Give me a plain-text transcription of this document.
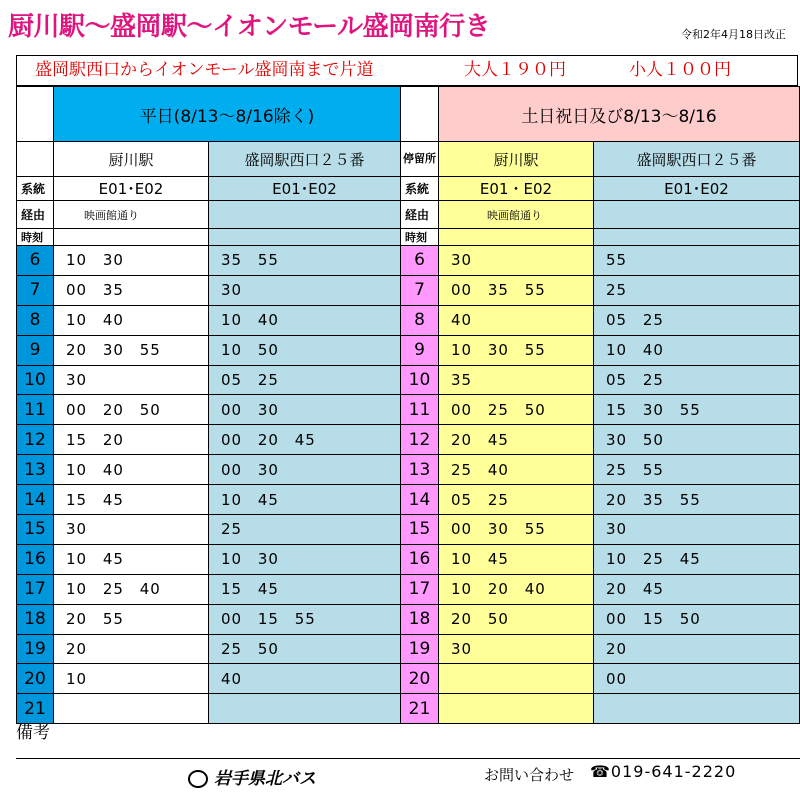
厨川駅～盛岡駅～イオンモール盛岡南行き	令和2年4月18日改正
盛岡駅西口からイオンモール盛岡南まで片道	大人１９０円	小人１００円
	平日(8/13～8/16除く)			土日祝日及び8/13～8/16	
	厨川駅	盛岡駅西口２５番	停留所	厨川駅	盛岡駅西口２５番
系統	E01･E02	E01･E02	系統	E01・E02	E01･E02
経由	映画館通り		経由	映画館通り	
時刻			時刻		
6	10 30	35 55	6	30	55
7	00 35	30	7	00 35 55	25
8	10 40	10 40	8	40	05 25
9	20 30 55	10 50	9	10 30 55	10 40
10	30	05 25	10	35	05 25
11	00 20 50	00 30	11	00 25 50	15 30 55
12	15 20	00 20 45	12	20 45	30 50
13	10 40	00 30	13	25 40	25 55
14	15 45	10 45	14	05 25	20 35 55
15	30	25	15	00 30 55	30
16	10 45	10 30	16	10 45	10 25 45
17	10 25 40	15 45	17	10 20 40	20 45
18	20 55	00 15 55	18	20 50	00 15 50
19	20	25 50	19	30	20
20	10	40	20		00
21			21		
備考
岩手県北バス	お問い合わせ ☎019-641-2220
